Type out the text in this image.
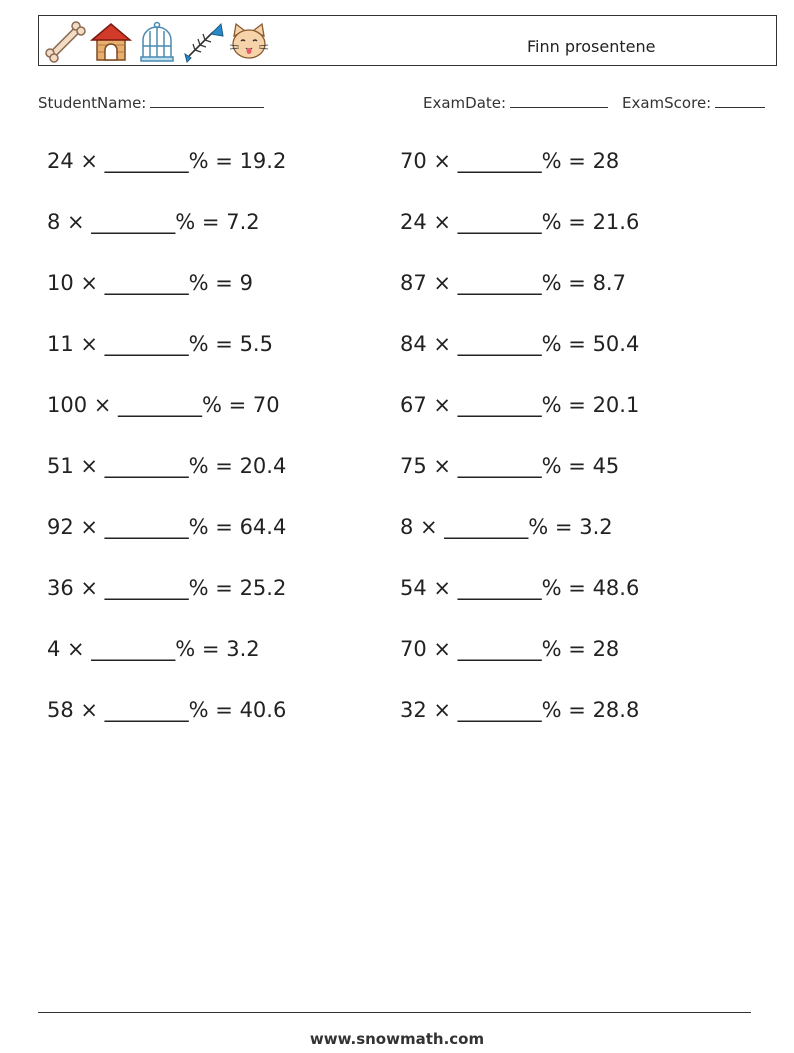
Finn prosentene
StudentName:	ExamDate:	ExamScore:
24 × ________% = 19.2
8 × ________% = 7.2
10 × ________% = 9
11 × ________% = 5.5
100 × ________% = 70
51 × ________% = 20.4
92 × ________% = 64.4
36 × ________% = 25.2
4 × ________% = 3.2
58 × ________% = 40.6
70 × ________% = 28
24 × ________% = 21.6
87 × ________% = 8.7
84 × ________% = 50.4
67 × ________% = 20.1
75 × ________% = 45
8 × ________% = 3.2
54 × ________% = 48.6
70 × ________% = 28
32 × ________% = 28.8
www.snowmath.com
